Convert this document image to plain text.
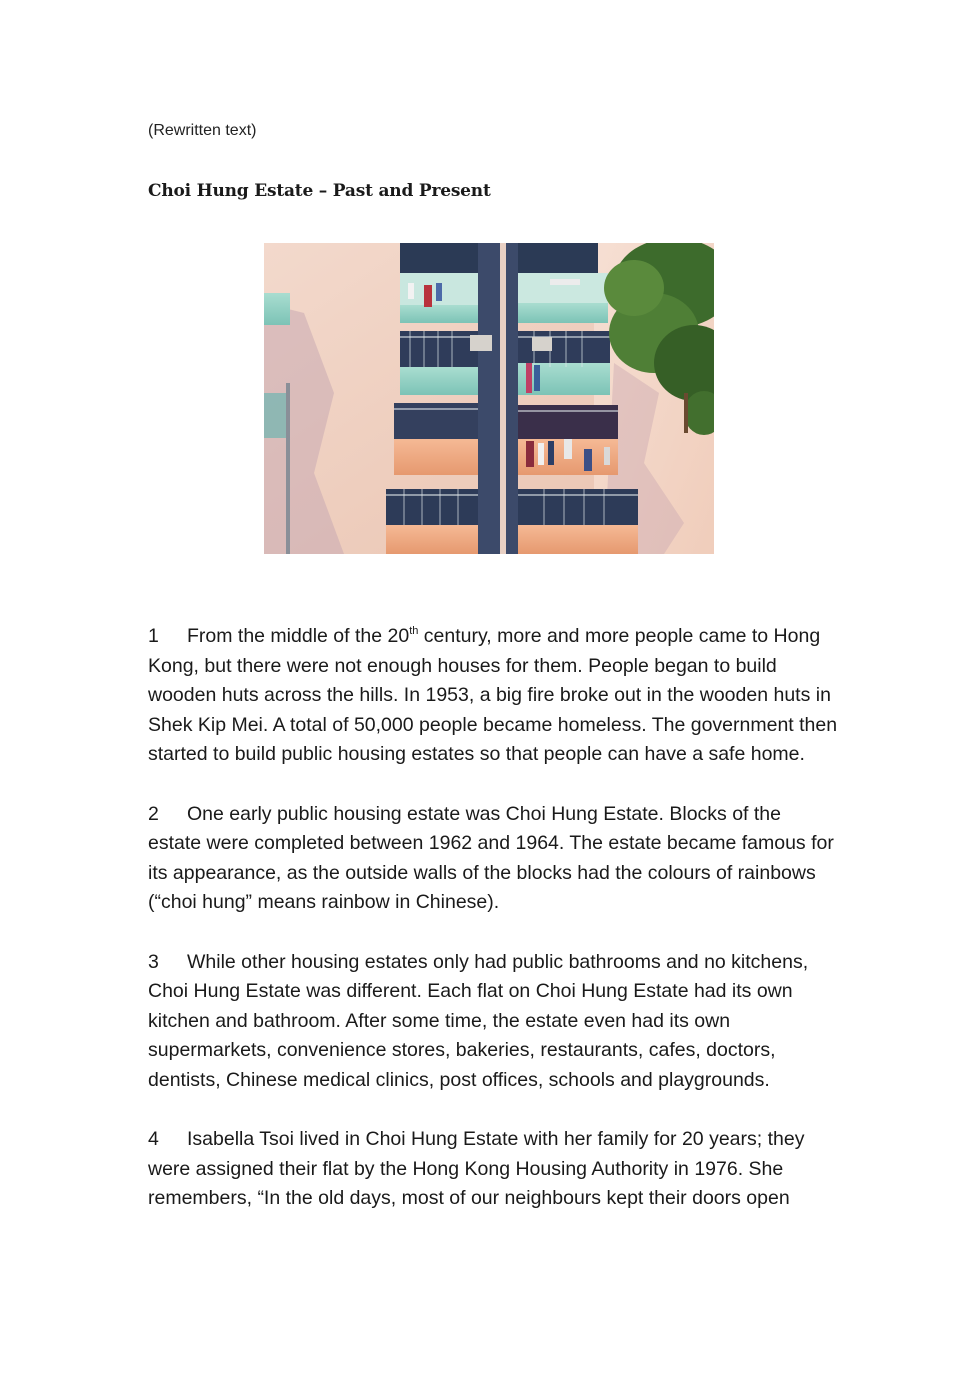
(Rewritten text)
Choi Hung Estate – Past and Present

1 From the middle of the 20th century, more and more people came to Hong Kong, but there were not enough houses for them. People began to build wooden huts across the hills. In 1953, a big fire broke out in the wooden huts in Shek Kip Mei. A total of 50,000 people became homeless. The government then started to build public housing estates so that people can have a safe home.

2 One early public housing estate was Choi Hung Estate. Blocks of the estate were completed between 1962 and 1964. The estate became famous for its appearance, as the outside walls of the blocks had the colours of rainbows (“choi hung” means rainbow in Chinese).

3 While other housing estates only had public bathrooms and no kitchens, Choi Hung Estate was different. Each flat on Choi Hung Estate had its own kitchen and bathroom. After some time, the estate even had its own supermarkets, convenience stores, bakeries, restaurants, cafes, doctors, dentists, Chinese medical clinics, post offices, schools and playgrounds.

4 Isabella Tsoi lived in Choi Hung Estate with her family for 20 years; they were assigned their flat by the Hong Kong Housing Authority in 1976. She remembers, “In the old days, most of our neighbours kept their doors open
